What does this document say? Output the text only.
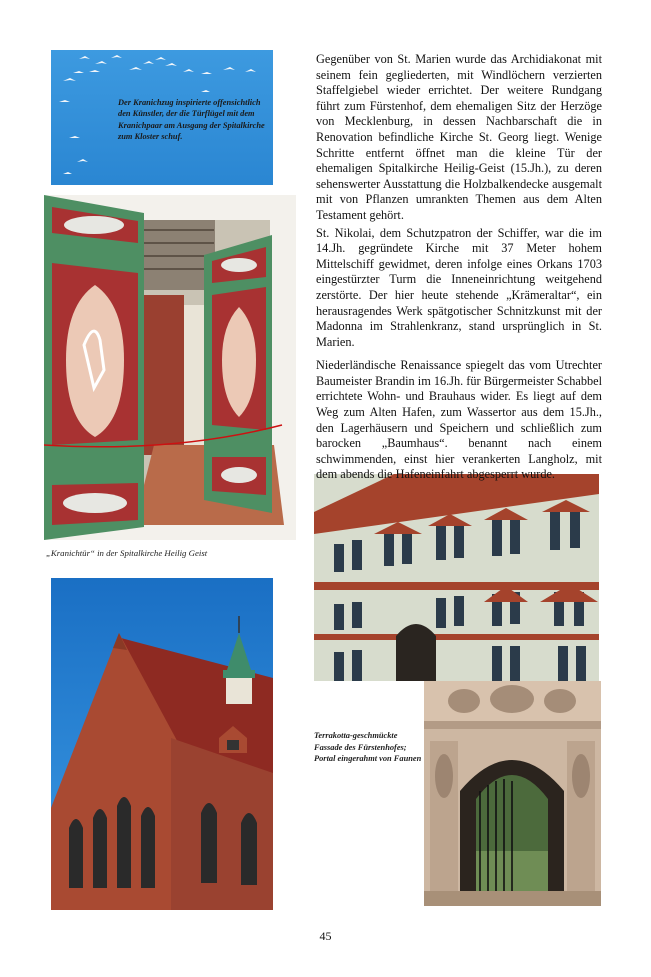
Der Kranichzug inspirierte offensichtlich den Künstler, der die Türflügel mit dem Kranichpaar am Ausgang der Spitalkirche zum Kloster schuf.
„Kranichtür“ in der Spitalkirche Heilig Geist
Terrakotta-geschmückte Fassade des Fürstenhofes; Portal eingerahmt von Faunen

Gegenüber von St. Marien wurde das Archidiakonat mit seinem fein gegliederten, mit Windlöchern verzierten Staffelgiebel wieder errichtet. Der weitere Rundgang führt zum Fürstenhof, dem ehemaligen Sitz der Herzöge von Mecklenburg, in dessen Nachbarschaft die in Renovation befindliche Kirche St. Georg liegt. Wenige Schritte entfernt öffnet man die kleine Tür der ehemaligen Spitalkirche Heilig-Geist (15.Jh.), zu deren sehenswerter Ausstattung die Holzbalkendecke ausgemalt mit von Pflanzen umrankten Themen aus dem Alten Testament gehört.

St. Nikolai, dem Schutzpatron der Schiffer, war die im 14.Jh. gegründete Kirche mit 37 Meter hohem Mittelschiff gewidmet, deren infolge eines Orkans 1703 eingestürzter Turm die Inneneinrichtung weitgehend zerstörte. Der hier heute stehende „Krämeraltar“, ein herausragendes Werk spätgotischer Schnitzkunst mit der Madonna im Strahlenkranz, stand ursprünglich in St. Marien.

Niederländische Renaissance spiegelt das vom Utrechter Baumeister Brandin im 16.Jh. für Bürgermeister Schabbel errichtete Wohn- und Brauhaus wider. Es liegt auf dem Weg zum Alten Hafen, zum Wassertor aus dem 15.Jh., den Lagerhäusern und Speichern und schließlich zum barocken „Baumhaus“. benannt nach einem schwimmenden, einst hier verankerten Langholz, mit dem abends die Hafeneinfahrt abgesperrt wurde.

45
